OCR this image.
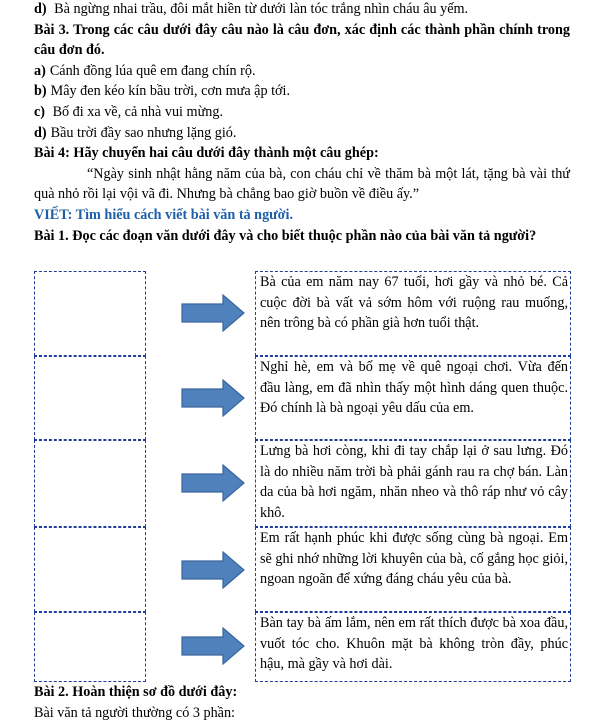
d) Bà ngừng nhai trầu, đôi mắt hiền từ dưới làn tóc trắng nhìn cháu âu yếm.
Bài 3. Trong các câu dưới đây câu nào là câu đơn, xác định các thành phần chính trong câu đơn đó.
a) Cánh đồng lúa quê em đang chín rộ.
b) Mây đen kéo kín bầu trời, cơn mưa ập tới.
c) Bố đi xa về, cả nhà vui mừng.
d) Bầu trời đầy sao nhưng lặng gió.
Bài 4: Hãy chuyển hai câu dưới đây thành một câu ghép:
“Ngày sinh nhật hằng năm của bà, con cháu chỉ về thăm bà một lát, tặng bà vài thứ quà nhỏ rồi lại vội vã đi. Nhưng bà chẳng bao giờ buồn về điều ấy.”
VIẾT: Tìm hiểu cách viết bài văn tả người.
Bài 1. Đọc các đoạn văn dưới đây và cho biết thuộc phần nào của bài văn tả người?
Bà của em năm nay 67 tuổi, hơi gầy và nhỏ bé. Cả cuộc đời bà vất vả sớm hôm với ruộng rau muống, nên trông bà có phần già hơn tuổi thật.
Nghỉ hè, em và bố mẹ về quê ngoại chơi. Vừa đến đầu làng, em đã nhìn thấy một hình dáng quen thuộc. Đó chính là bà ngoại yêu dấu của em.
Lưng bà hơi còng, khi đi tay chắp lại ở sau lưng. Đó là do nhiều năm trời bà phải gánh rau ra chợ bán. Làn da của bà hơi ngăm, nhăn nheo và thô ráp như vỏ cây khô.
Em rất hạnh phúc khi được sống cùng bà ngoại. Em sẽ ghi nhớ những lời khuyên của bà, cố gắng học giỏi, ngoan ngoãn để xứng đáng cháu yêu của bà.
Bàn tay bà ấm lắm, nên em rất thích được bà xoa đầu, vuốt tóc cho. Khuôn mặt bà không tròn đầy, phúc hậu, mà gầy và hơi dài.
Bài 2. Hoàn thiện sơ đồ dưới đây:
Bài văn tả người thường có 3 phần:
